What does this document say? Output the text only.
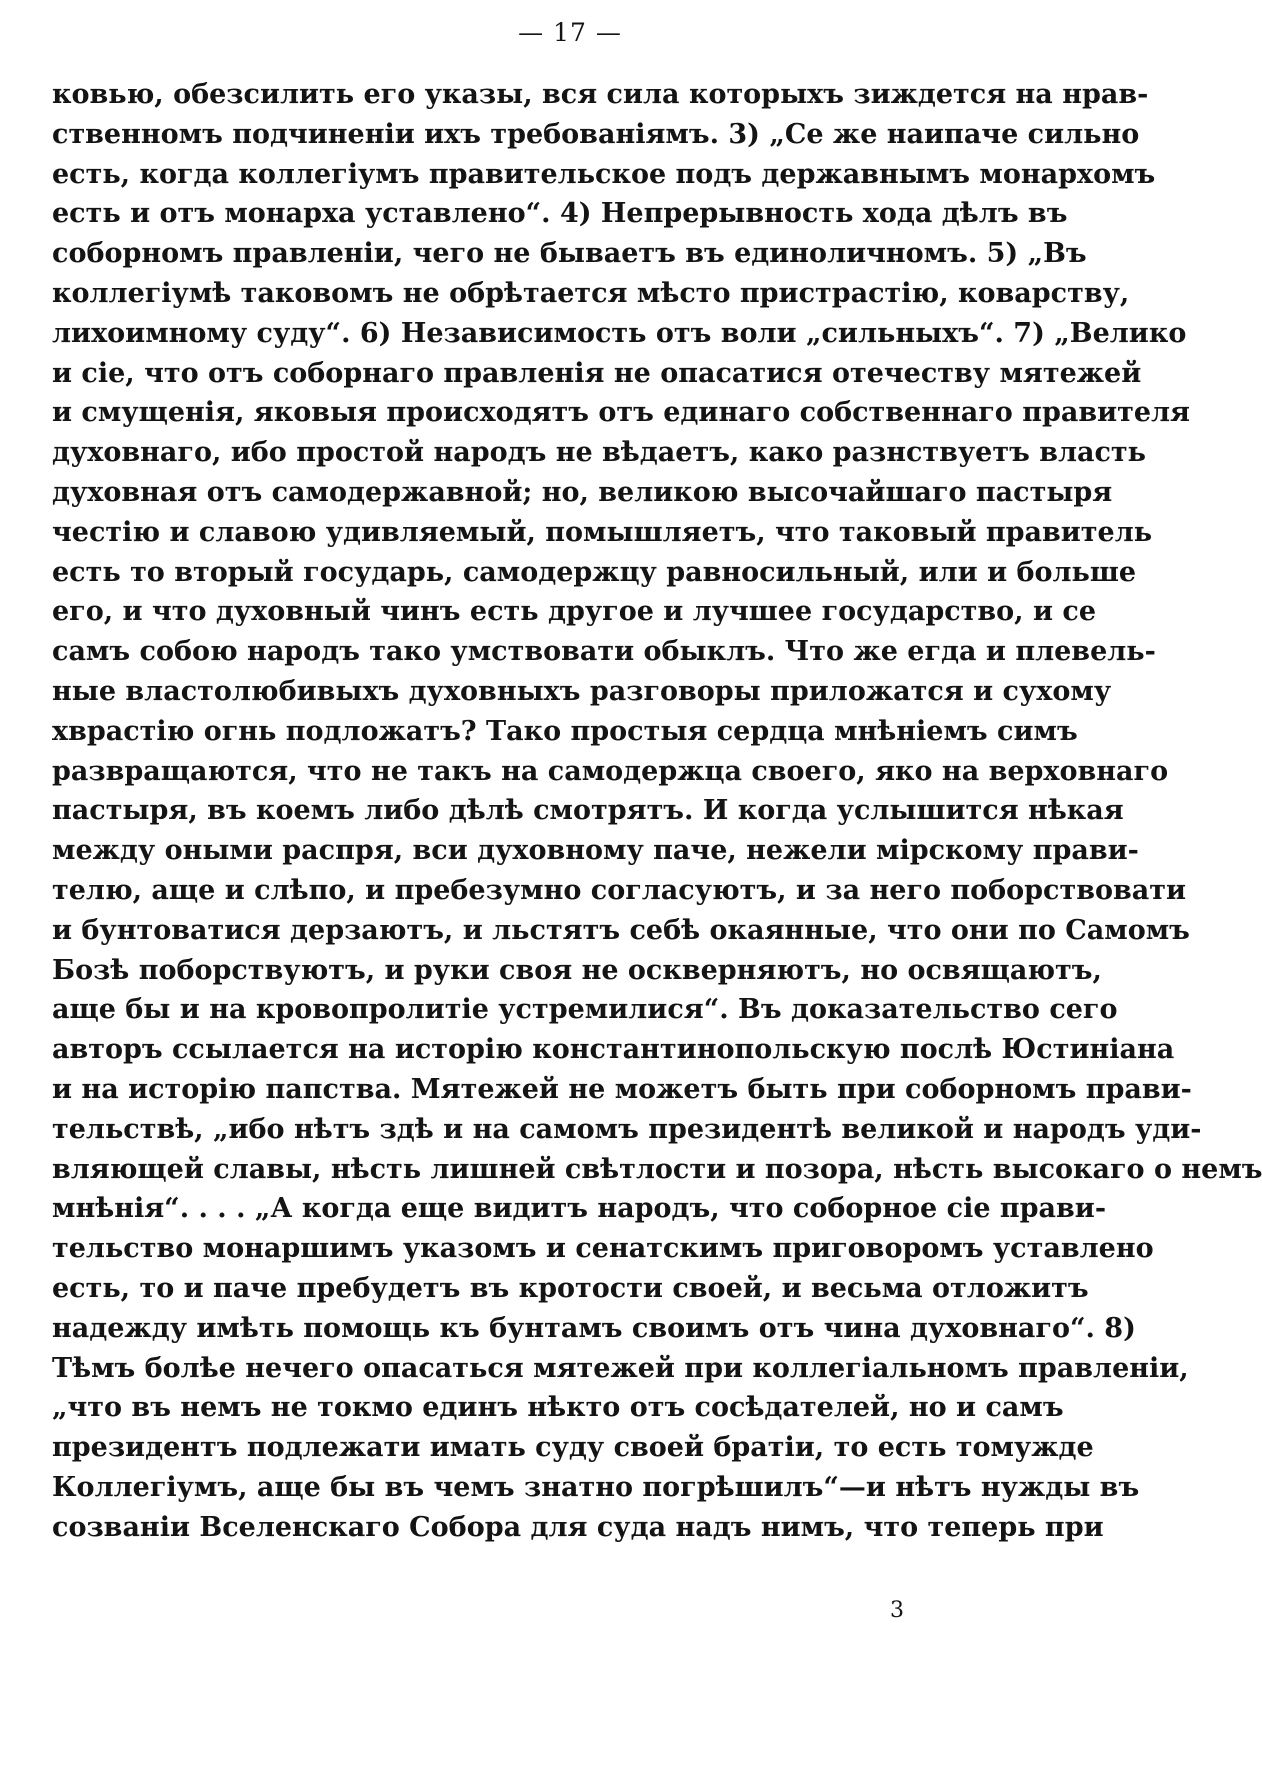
— 17 —
ковью, обезсилить его указы, вся сила которыхъ зиждется на нрав-
ственномъ подчиненіи ихъ требованіямъ. 3) „Се же наипаче сильно
есть, когда коллегіумъ правительское подъ державнымъ монархомъ
есть и отъ монарха уставлено“. 4) Непрерывность хода дѣлъ въ
соборномъ правленіи, чего не бываетъ въ единоличномъ. 5) „Въ
коллегіумѣ таковомъ не обрѣтается мѣсто пристрастію, коварству,
лихоимному суду“. 6) Независимость отъ воли „сильныхъ“. 7) „Велико
и сіе, что отъ соборнаго правленія не опасатися отечеству мятежей
и смущенія, яковыя происходятъ отъ единаго собственнаго правителя
духовнаго, ибо простой народъ не вѣдаетъ, како разнствуетъ власть
духовная отъ самодержавной; но, великою высочайшаго пастыря
честію и славою удивляемый, помышляетъ, что таковый правитель
есть то вторый государь, самодержцу равносильный, или и больше
его, и что духовный чинъ есть другое и лучшее государство, и се
самъ собою народъ тако умствовати обыклъ. Что же егда и плевель-
ные властолюбивыхъ духовныхъ разговоры приложатся и сухому
хврастію огнь подложатъ? Тако простыя сердца мнѣніемъ симъ
развращаются, что не такъ на самодержца своего, яко на верховнаго
пастыря, въ коемъ либо дѣлѣ смотрятъ. И когда услышится нѣкая
между оными распря, вси духовному паче, нежели мірскому прави-
телю, аще и слѣпо, и пребезумно согласуютъ, и за него поборствовати
и бунтоватися дерзаютъ, и льстятъ себѣ окаянные, что они по Самомъ
Бозѣ поборствуютъ, и руки своя не оскверняютъ, но освящаютъ,
аще бы и на кровопролитіе устремилися“. Въ доказательство сего
авторъ ссылается на исторію константинопольскую послѣ Юстиніана
и на исторію папства. Мятежей не можетъ быть при соборномъ прави-
тельствѣ, „ибо нѣтъ здѣ и на самомъ президентѣ великой и народъ уди-
вляющей славы, нѣсть лишней свѣтлости и позора, нѣсть высокаго о немъ
мнѣнія“. . . . „А когда еще видитъ народъ, что соборное сіе прави-
тельство монаршимъ указомъ и сенатскимъ приговоромъ уставлено
есть, то и паче пребудетъ въ кротости своей, и весьма отложитъ
надежду имѣть помощь къ бунтамъ своимъ отъ чина духовнаго“. 8)
Тѣмъ болѣе нечего опасаться мятежей при коллегіальномъ правленіи,
„что въ немъ не токмо единъ нѣкто отъ сосѣдателей, но и самъ
президентъ подлежати имать суду своей братіи, то есть томужде
Коллегіумъ, аще бы въ чемъ знатно погрѣшилъ“—и нѣтъ нужды въ
созваніи Вселенскаго Собора для суда надъ нимъ, что теперь при
3
